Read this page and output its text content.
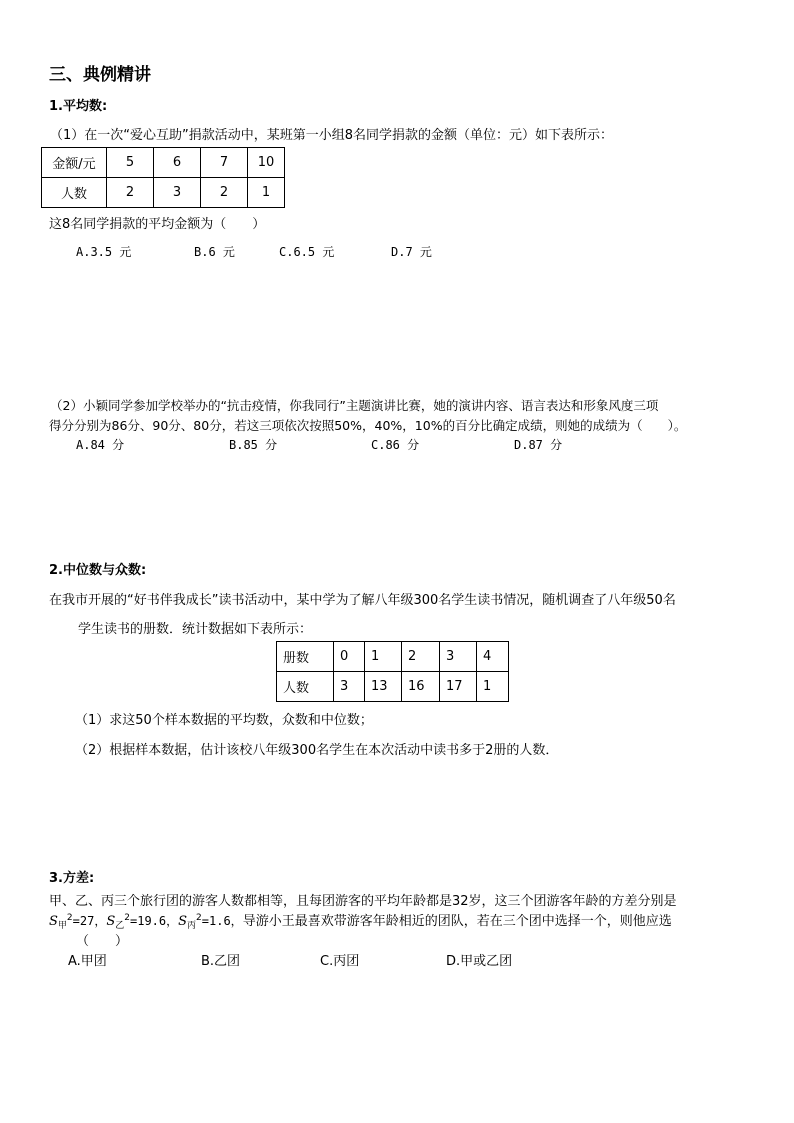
三、典例精讲
1.平均数:
（1）在一次“爱心互助”捐款活动中，某班第一小组8名同学捐款的金额（单位：元）如下表所示：
金额/元	5	6	7	10
人数	2	3	2	1
这8名同学捐款的平均金额为（　　）
A.3.5 元	B.6 元	C.6.5 元	D.7 元
（2）小颖同学参加学校举办的“抗击疫情，你我同行”主题演讲比赛，她的演讲内容、语言表达和形象风度三项
得分分别为86分、90分、80分，若这三项依次按照50%，40%，10%的百分比确定成绩，则她的成绩为（　　）。
A.84 分	B.85 分	C.86 分	D.87 分
2.中位数与众数:
在我市开展的“好书伴我成长”读书活动中，某中学为了解八年级300名学生读书情况，随机调查了八年级50名
学生读书的册数．统计数据如下表所示：
册数	0	1	2	3	4
人数	3	13	16	17	1
（1）求这50个样本数据的平均数，众数和中位数；
（2）根据样本数据，估计该校八年级300名学生在本次活动中读书多于2册的人数．
3.方差:
甲、乙、丙三个旅行团的游客人数都相等，且每团游客的平均年龄都是32岁，这三个团游客年龄的方差分别是
$S_甲^2=27$，$S_乙^2=19.6$，$S_丙^2=1.6$，导游小王最喜欢带游客年龄相近的团队，若在三个团中选择一个，则他应选
（　　）
A.甲团	B.乙团	C.丙团	D.甲或乙团
